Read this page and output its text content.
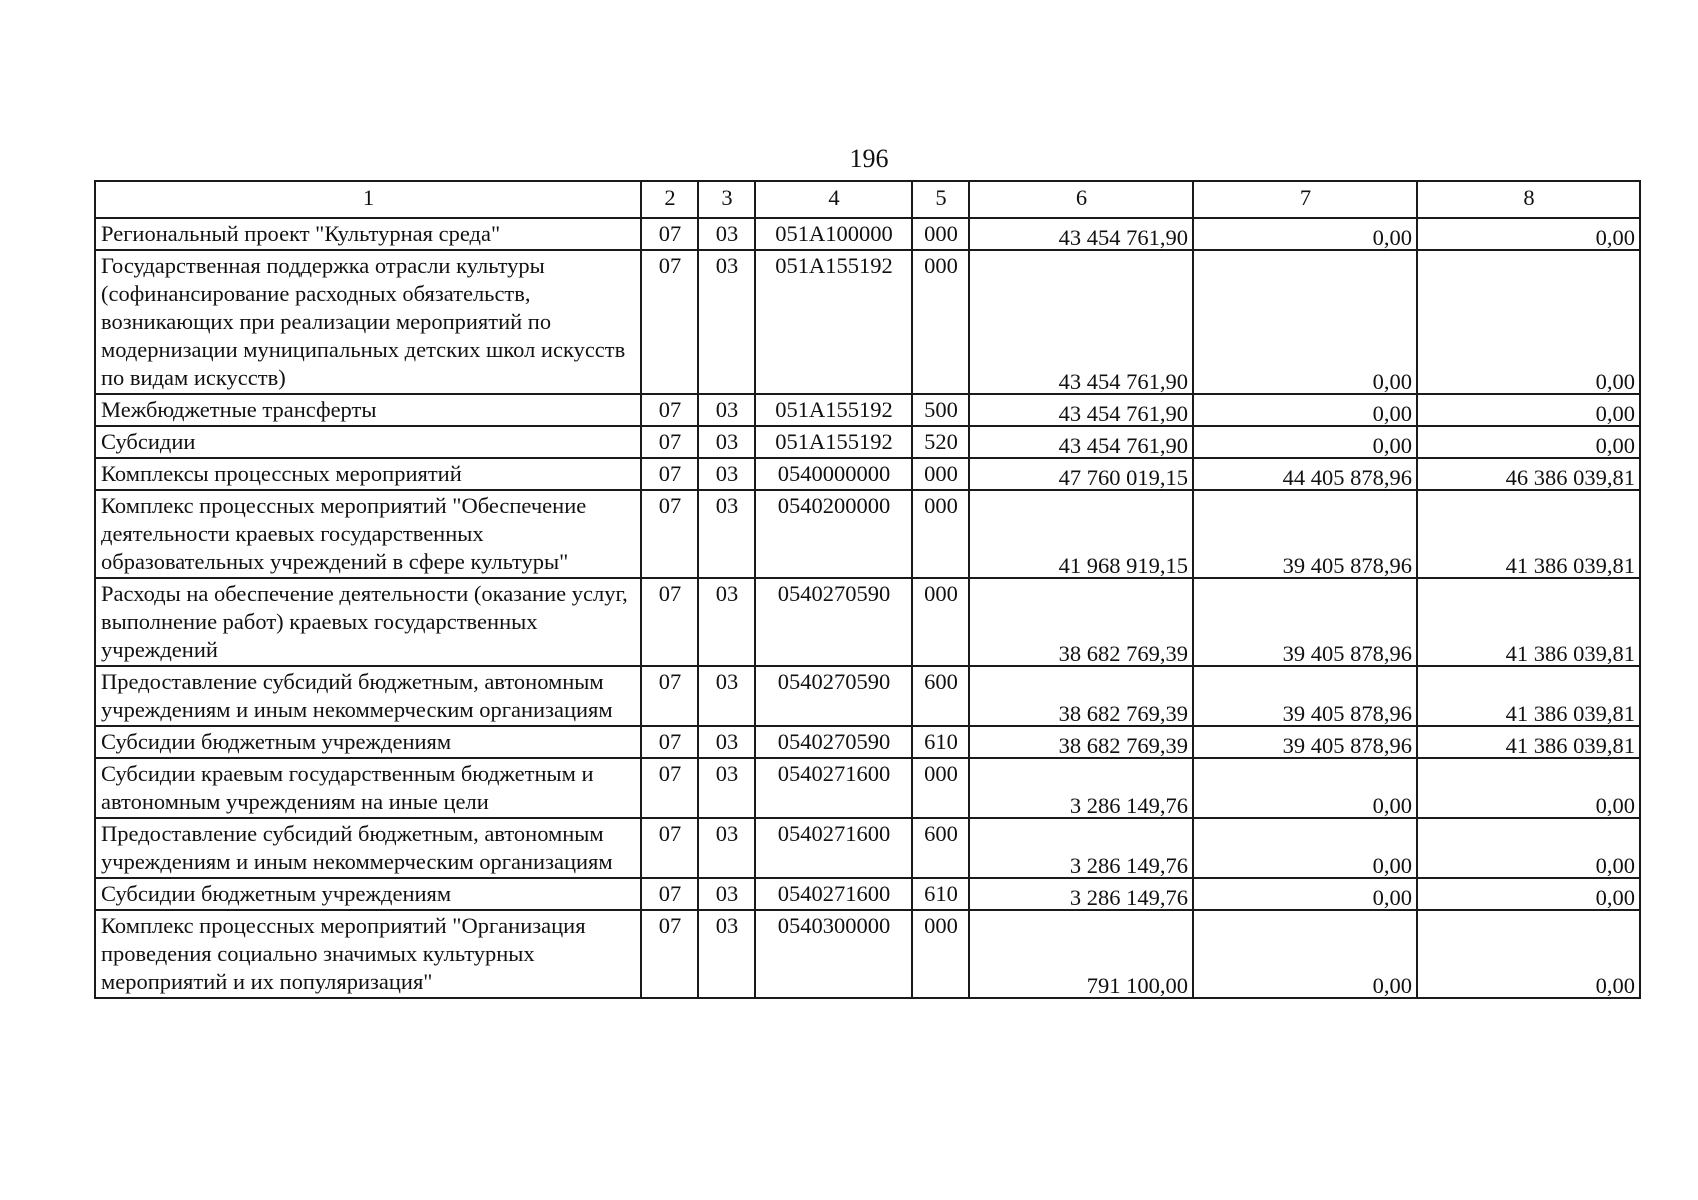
196
1	2	3	4	5	6	7	8
Региональный проект "Культурная среда"	07	03	051A100000	000	43 454 761,90	0,00	0,00
Государственная поддержка отрасли культуры (софинансирование расходных обязательств, возникающих при реализации мероприятий по модернизации муниципальных детских школ искусств по видам искусств)	07	03	051A155192	000	43 454 761,90	0,00	0,00
Межбюджетные трансферты	07	03	051A155192	500	43 454 761,90	0,00	0,00
Субсидии	07	03	051A155192	520	43 454 761,90	0,00	0,00
Комплексы процессных мероприятий	07	03	0540000000	000	47 760 019,15	44 405 878,96	46 386 039,81
Комплекс процессных мероприятий "Обеспечение деятельности краевых государственных образовательных учреждений в сфере культуры"	07	03	0540200000	000	41 968 919,15	39 405 878,96	41 386 039,81
Расходы на обеспечение деятельности (оказание услуг, выполнение работ) краевых государственных учреждений	07	03	0540270590	000	38 682 769,39	39 405 878,96	41 386 039,81
Предоставление субсидий бюджетным, автономным учреждениям и иным некоммерческим организациям	07	03	0540270590	600	38 682 769,39	39 405 878,96	41 386 039,81
Субсидии бюджетным учреждениям	07	03	0540270590	610	38 682 769,39	39 405 878,96	41 386 039,81
Субсидии краевым государственным бюджетным и автономным учреждениям на иные цели	07	03	0540271600	000	3 286 149,76	0,00	0,00
Предоставление субсидий бюджетным, автономным учреждениям и иным некоммерческим организациям	07	03	0540271600	600	3 286 149,76	0,00	0,00
Субсидии бюджетным учреждениям	07	03	0540271600	610	3 286 149,76	0,00	0,00
Комплекс процессных мероприятий "Организация проведения социально значимых культурных мероприятий и их популяризация"	07	03	0540300000	000	791 100,00	0,00	0,00
